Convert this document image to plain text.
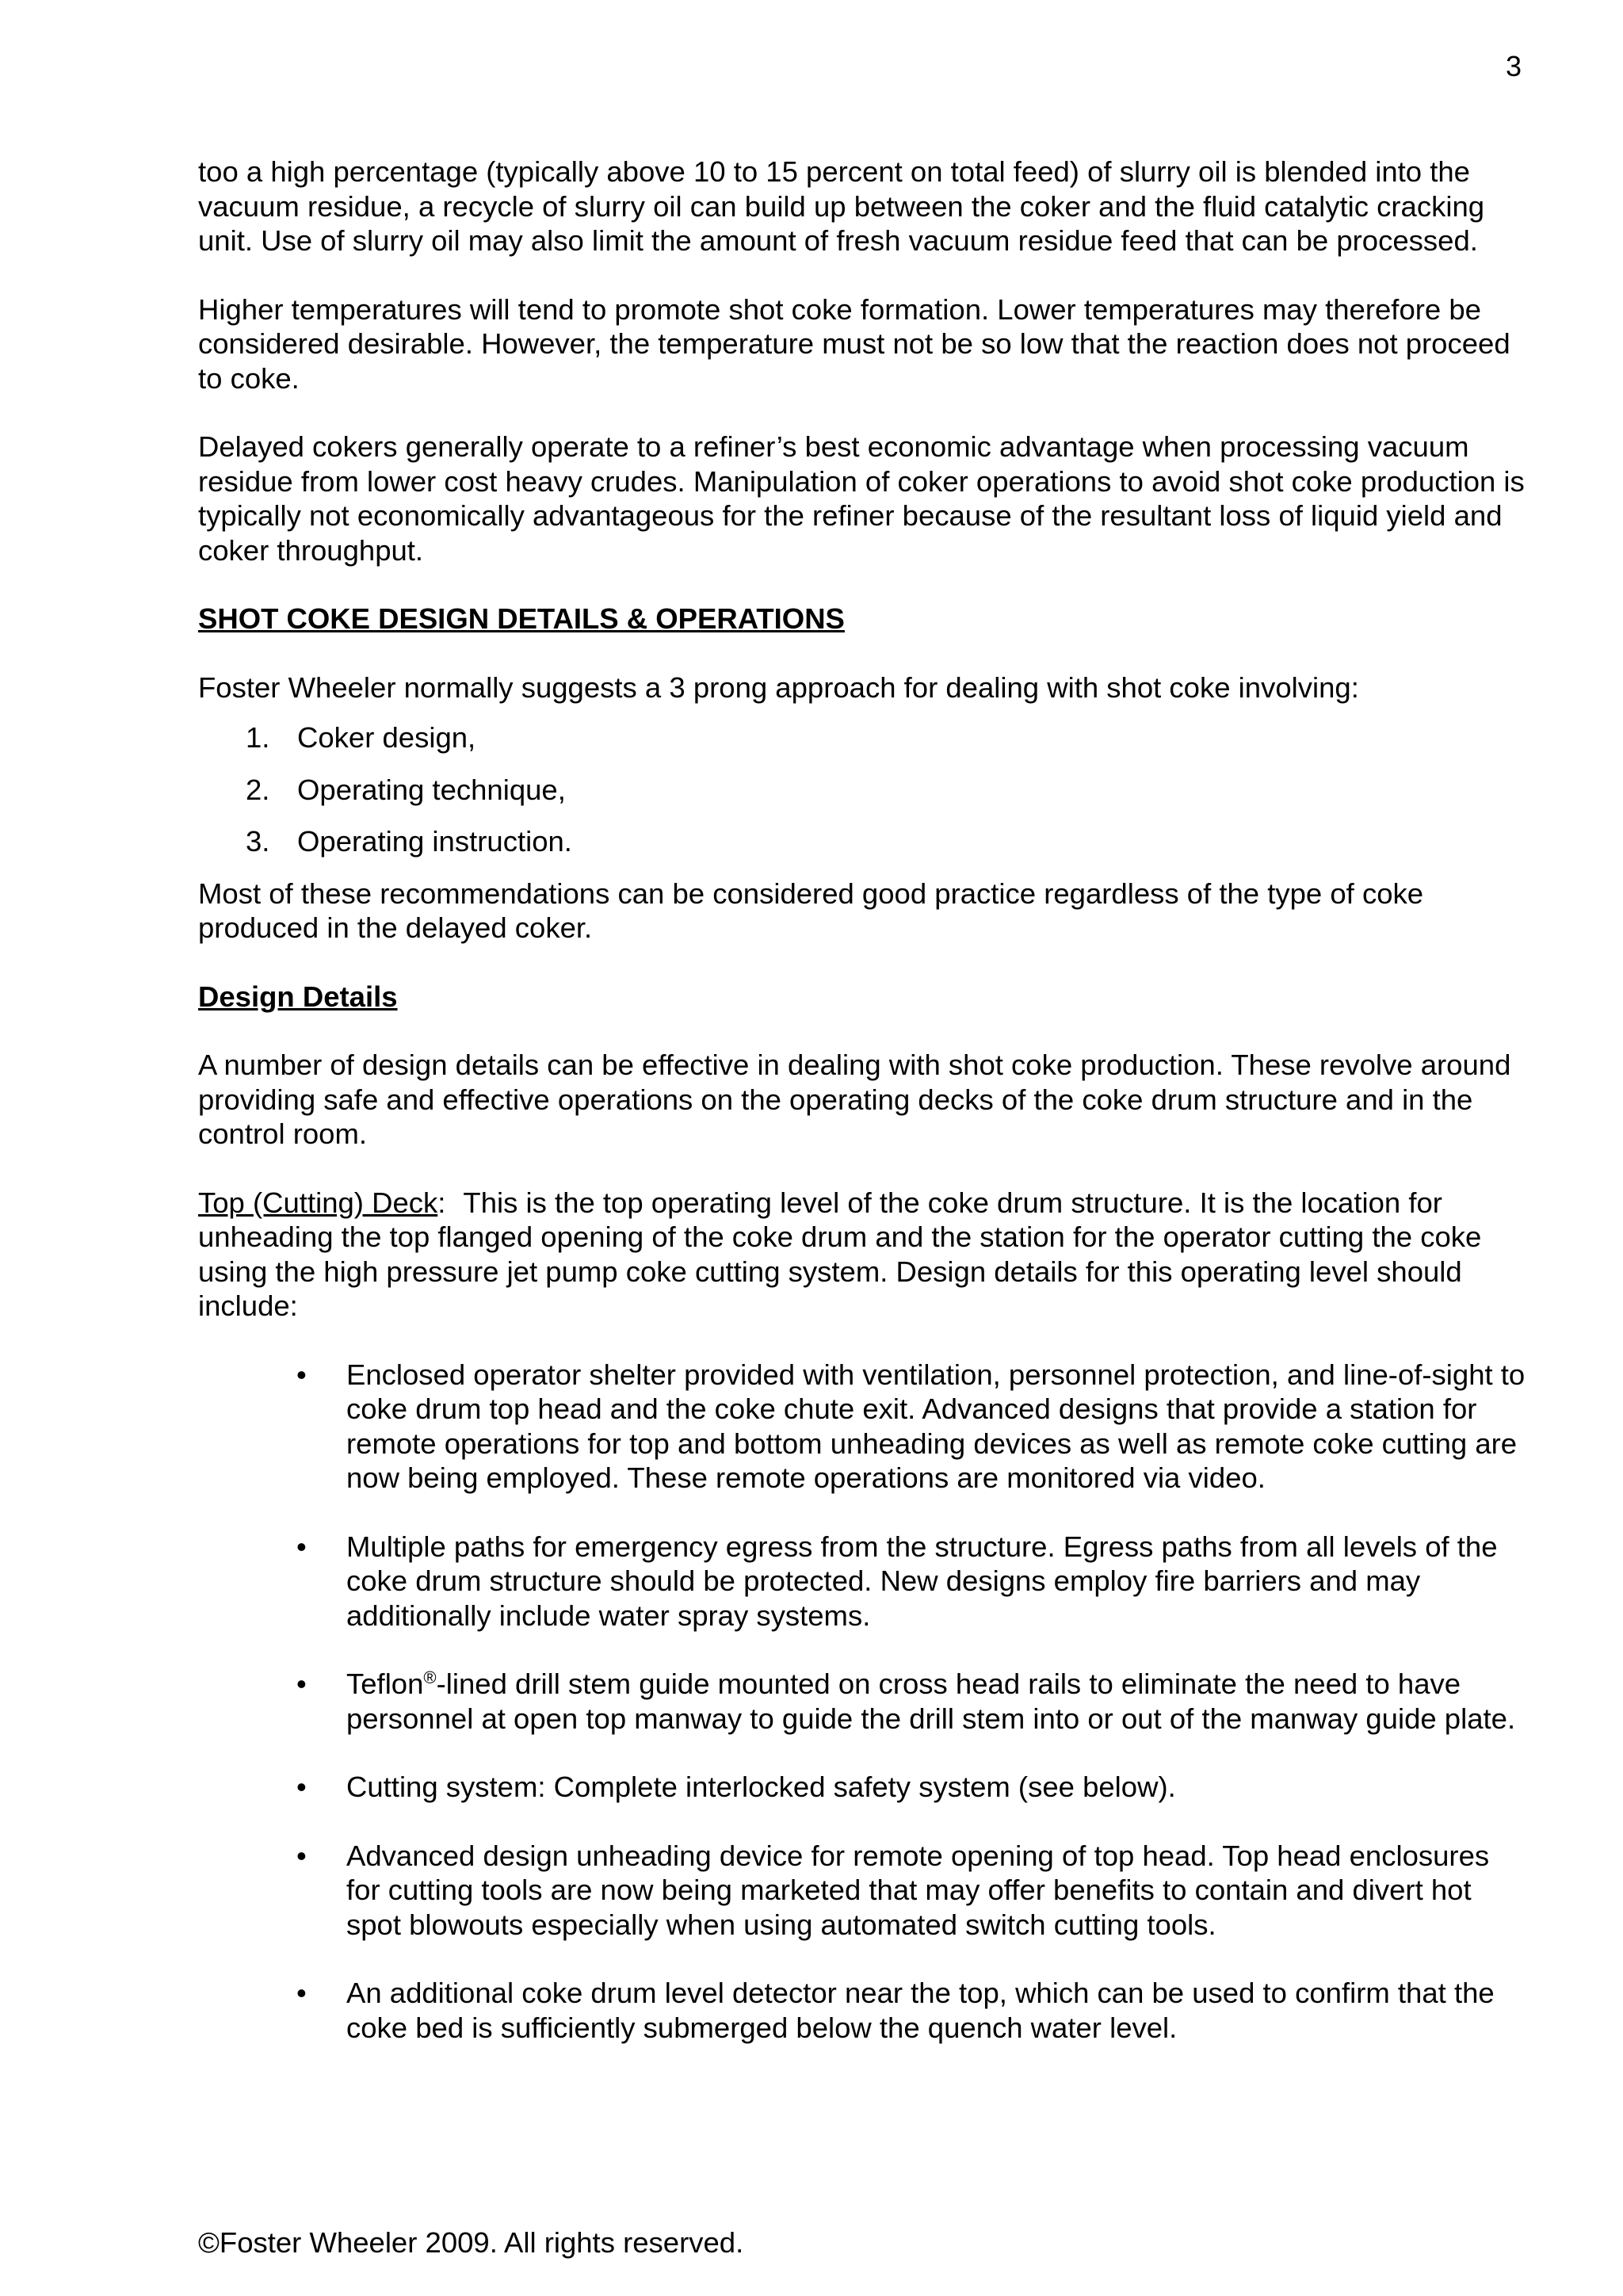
3

too a high percentage (typically above 10 to 15 percent on total feed) of slurry oil is blended into the vacuum residue, a recycle of slurry oil can build up between the coker and the fluid catalytic cracking unit. Use of slurry oil may also limit the amount of fresh vacuum residue feed that can be processed.

Higher temperatures will tend to promote shot coke formation. Lower temperatures may therefore be considered desirable. However, the temperature must not be so low that the reaction does not proceed to coke.

Delayed cokers generally operate to a refiner’s best economic advantage when processing vacuum residue from lower cost heavy crudes. Manipulation of coker operations to avoid shot coke production is typically not economically advantageous for the refiner because of the resultant loss of liquid yield and coker throughput.

SHOT COKE DESIGN DETAILS & OPERATIONS

Foster Wheeler normally suggests a 3 prong approach for dealing with shot coke involving:

1. Coker design,
2. Operating technique,
3. Operating instruction.

Most of these recommendations can be considered good practice regardless of the type of coke produced in the delayed coker.

Design Details

A number of design details can be effective in dealing with shot coke production. These revolve around providing safe and effective operations on the operating decks of the coke drum structure and in the control room.

Top (Cutting) Deck: This is the top operating level of the coke drum structure. It is the location for unheading the top flanged opening of the coke drum and the station for the operator cutting the coke using the high pressure jet pump coke cutting system. Design details for this operating level should include:

• Enclosed operator shelter provided with ventilation, personnel protection, and line-of-sight to coke drum top head and the coke chute exit. Advanced designs that provide a station for remote operations for top and bottom unheading devices as well as remote coke cutting are now being employed. These remote operations are monitored via video.
• Multiple paths for emergency egress from the structure. Egress paths from all levels of the coke drum structure should be protected. New designs employ fire barriers and may additionally include water spray systems.
• Teflon®-lined drill stem guide mounted on cross head rails to eliminate the need to have personnel at open top manway to guide the drill stem into or out of the manway guide plate.
• Cutting system: Complete interlocked safety system (see below).
• Advanced design unheading device for remote opening of top head. Top head enclosures for cutting tools are now being marketed that may offer benefits to contain and divert hot spot blowouts especially when using automated switch cutting tools.
• An additional coke drum level detector near the top, which can be used to confirm that the coke bed is sufficiently submerged below the quench water level.
©Foster Wheeler 2009. All rights reserved.
